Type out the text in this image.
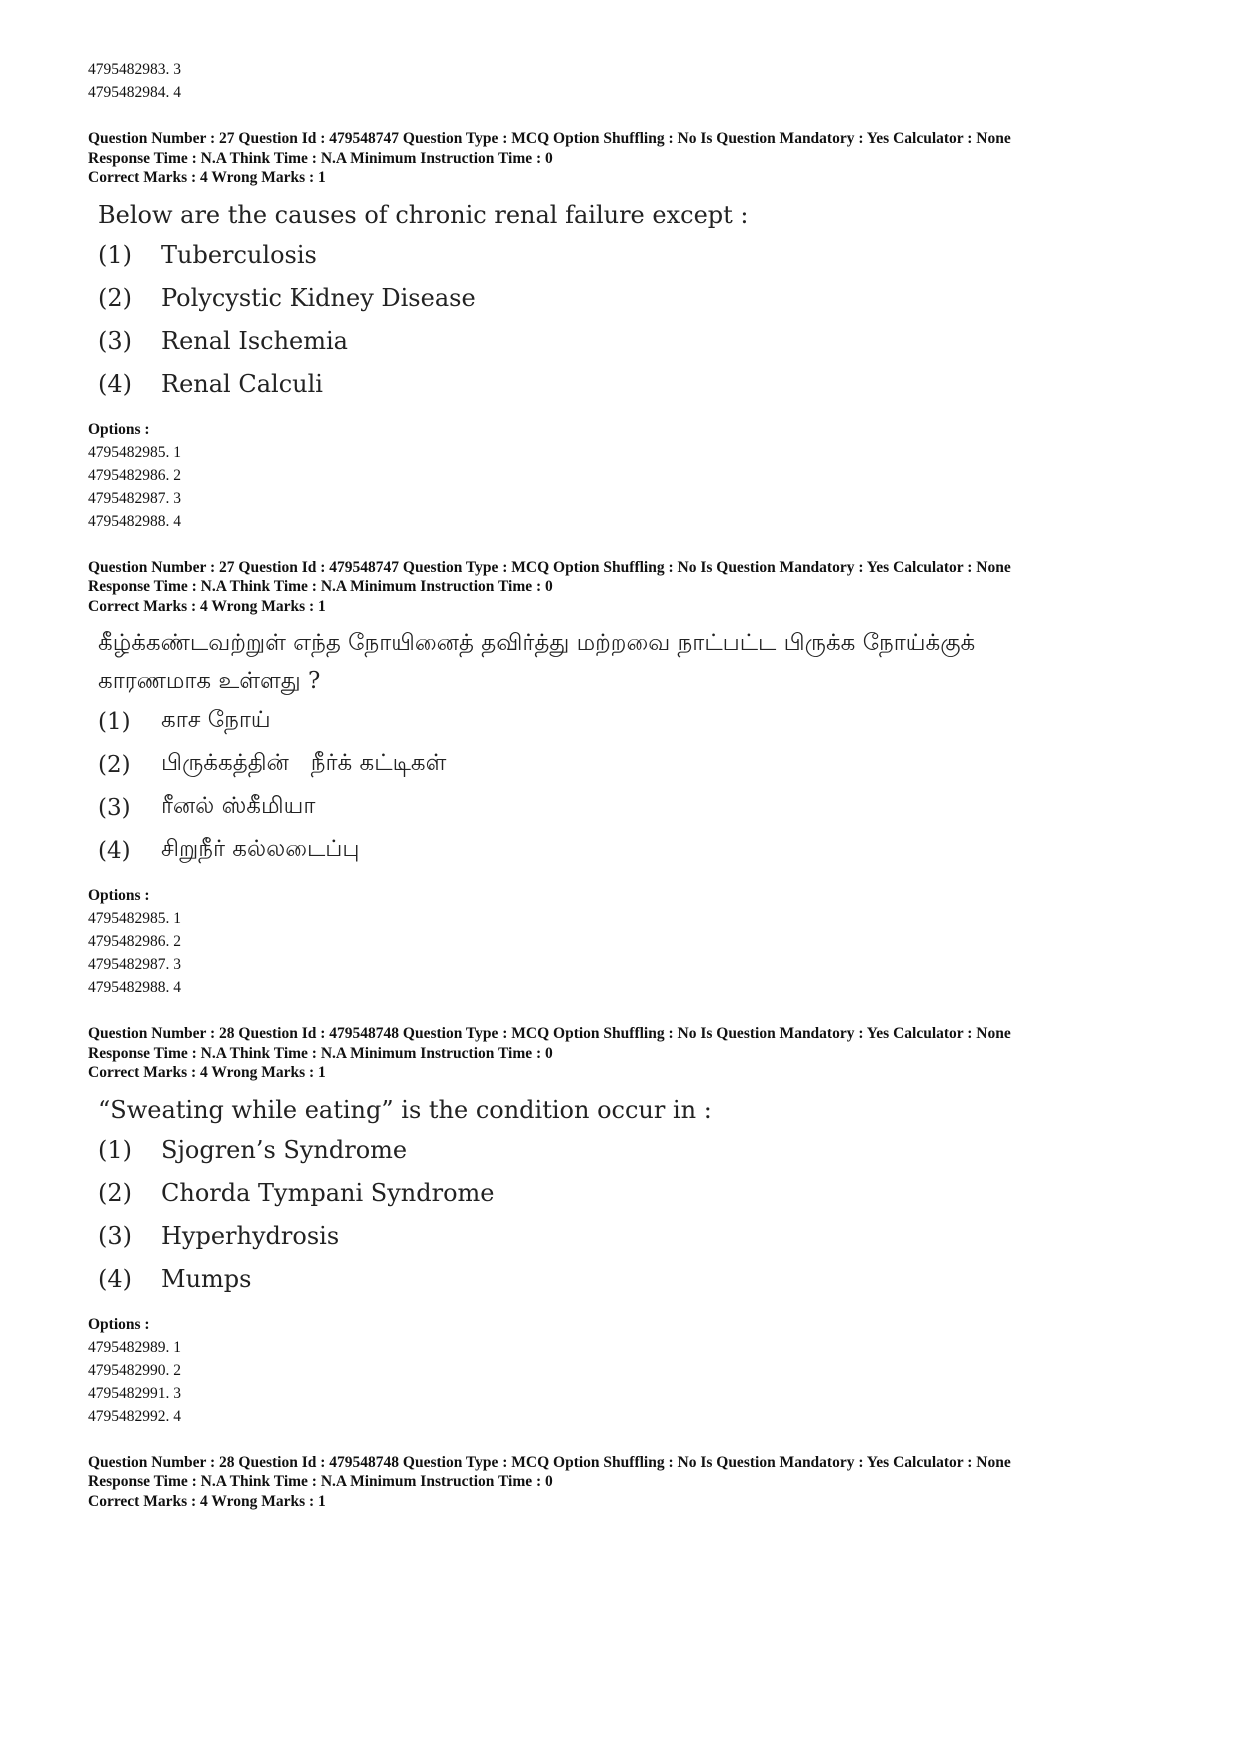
4795482983. 3
4795482984. 4
Question Number : 27 Question Id : 479548747 Question Type : MCQ Option Shuffling : No Is Question Mandatory : Yes Calculator : None
Response Time : N.A Think Time : N.A Minimum Instruction Time : 0
Correct Marks : 4 Wrong Marks : 1
Below are the causes of chronic renal failure except :
(1)	Tuberculosis
(2)	Polycystic Kidney Disease
(3)	Renal Ischemia
(4)	Renal Calculi
Options :
4795482985. 1
4795482986. 2
4795482987. 3
4795482988. 4
Question Number : 27 Question Id : 479548747 Question Type : MCQ Option Shuffling : No Is Question Mandatory : Yes Calculator : None
Response Time : N.A Think Time : N.A Minimum Instruction Time : 0
Correct Marks : 4 Wrong Marks : 1
கீழ்க்கண்டவற்றுள் எந்த நோயினைத் தவிர்த்து மற்றவை நாட்பட்ட பிருக்க நோய்க்குக்
காரணமாக உள்ளது ?
(1)	காச நோய்
(2)	பிருக்கத்தின்   நீர்க் கட்டிகள்
(3)	ரீனல் ஸ்கீமியா
(4)	சிறுநீர் கல்லடைப்பு
Options :
4795482985. 1
4795482986. 2
4795482987. 3
4795482988. 4
Question Number : 28 Question Id : 479548748 Question Type : MCQ Option Shuffling : No Is Question Mandatory : Yes Calculator : None
Response Time : N.A Think Time : N.A Minimum Instruction Time : 0
Correct Marks : 4 Wrong Marks : 1
“Sweating while eating” is the condition occur in :
(1)	Sjogren’s Syndrome
(2)	Chorda Tympani Syndrome
(3)	Hyperhydrosis
(4)	Mumps
Options :
4795482989. 1
4795482990. 2
4795482991. 3
4795482992. 4
Question Number : 28 Question Id : 479548748 Question Type : MCQ Option Shuffling : No Is Question Mandatory : Yes Calculator : None
Response Time : N.A Think Time : N.A Minimum Instruction Time : 0
Correct Marks : 4 Wrong Marks : 1
